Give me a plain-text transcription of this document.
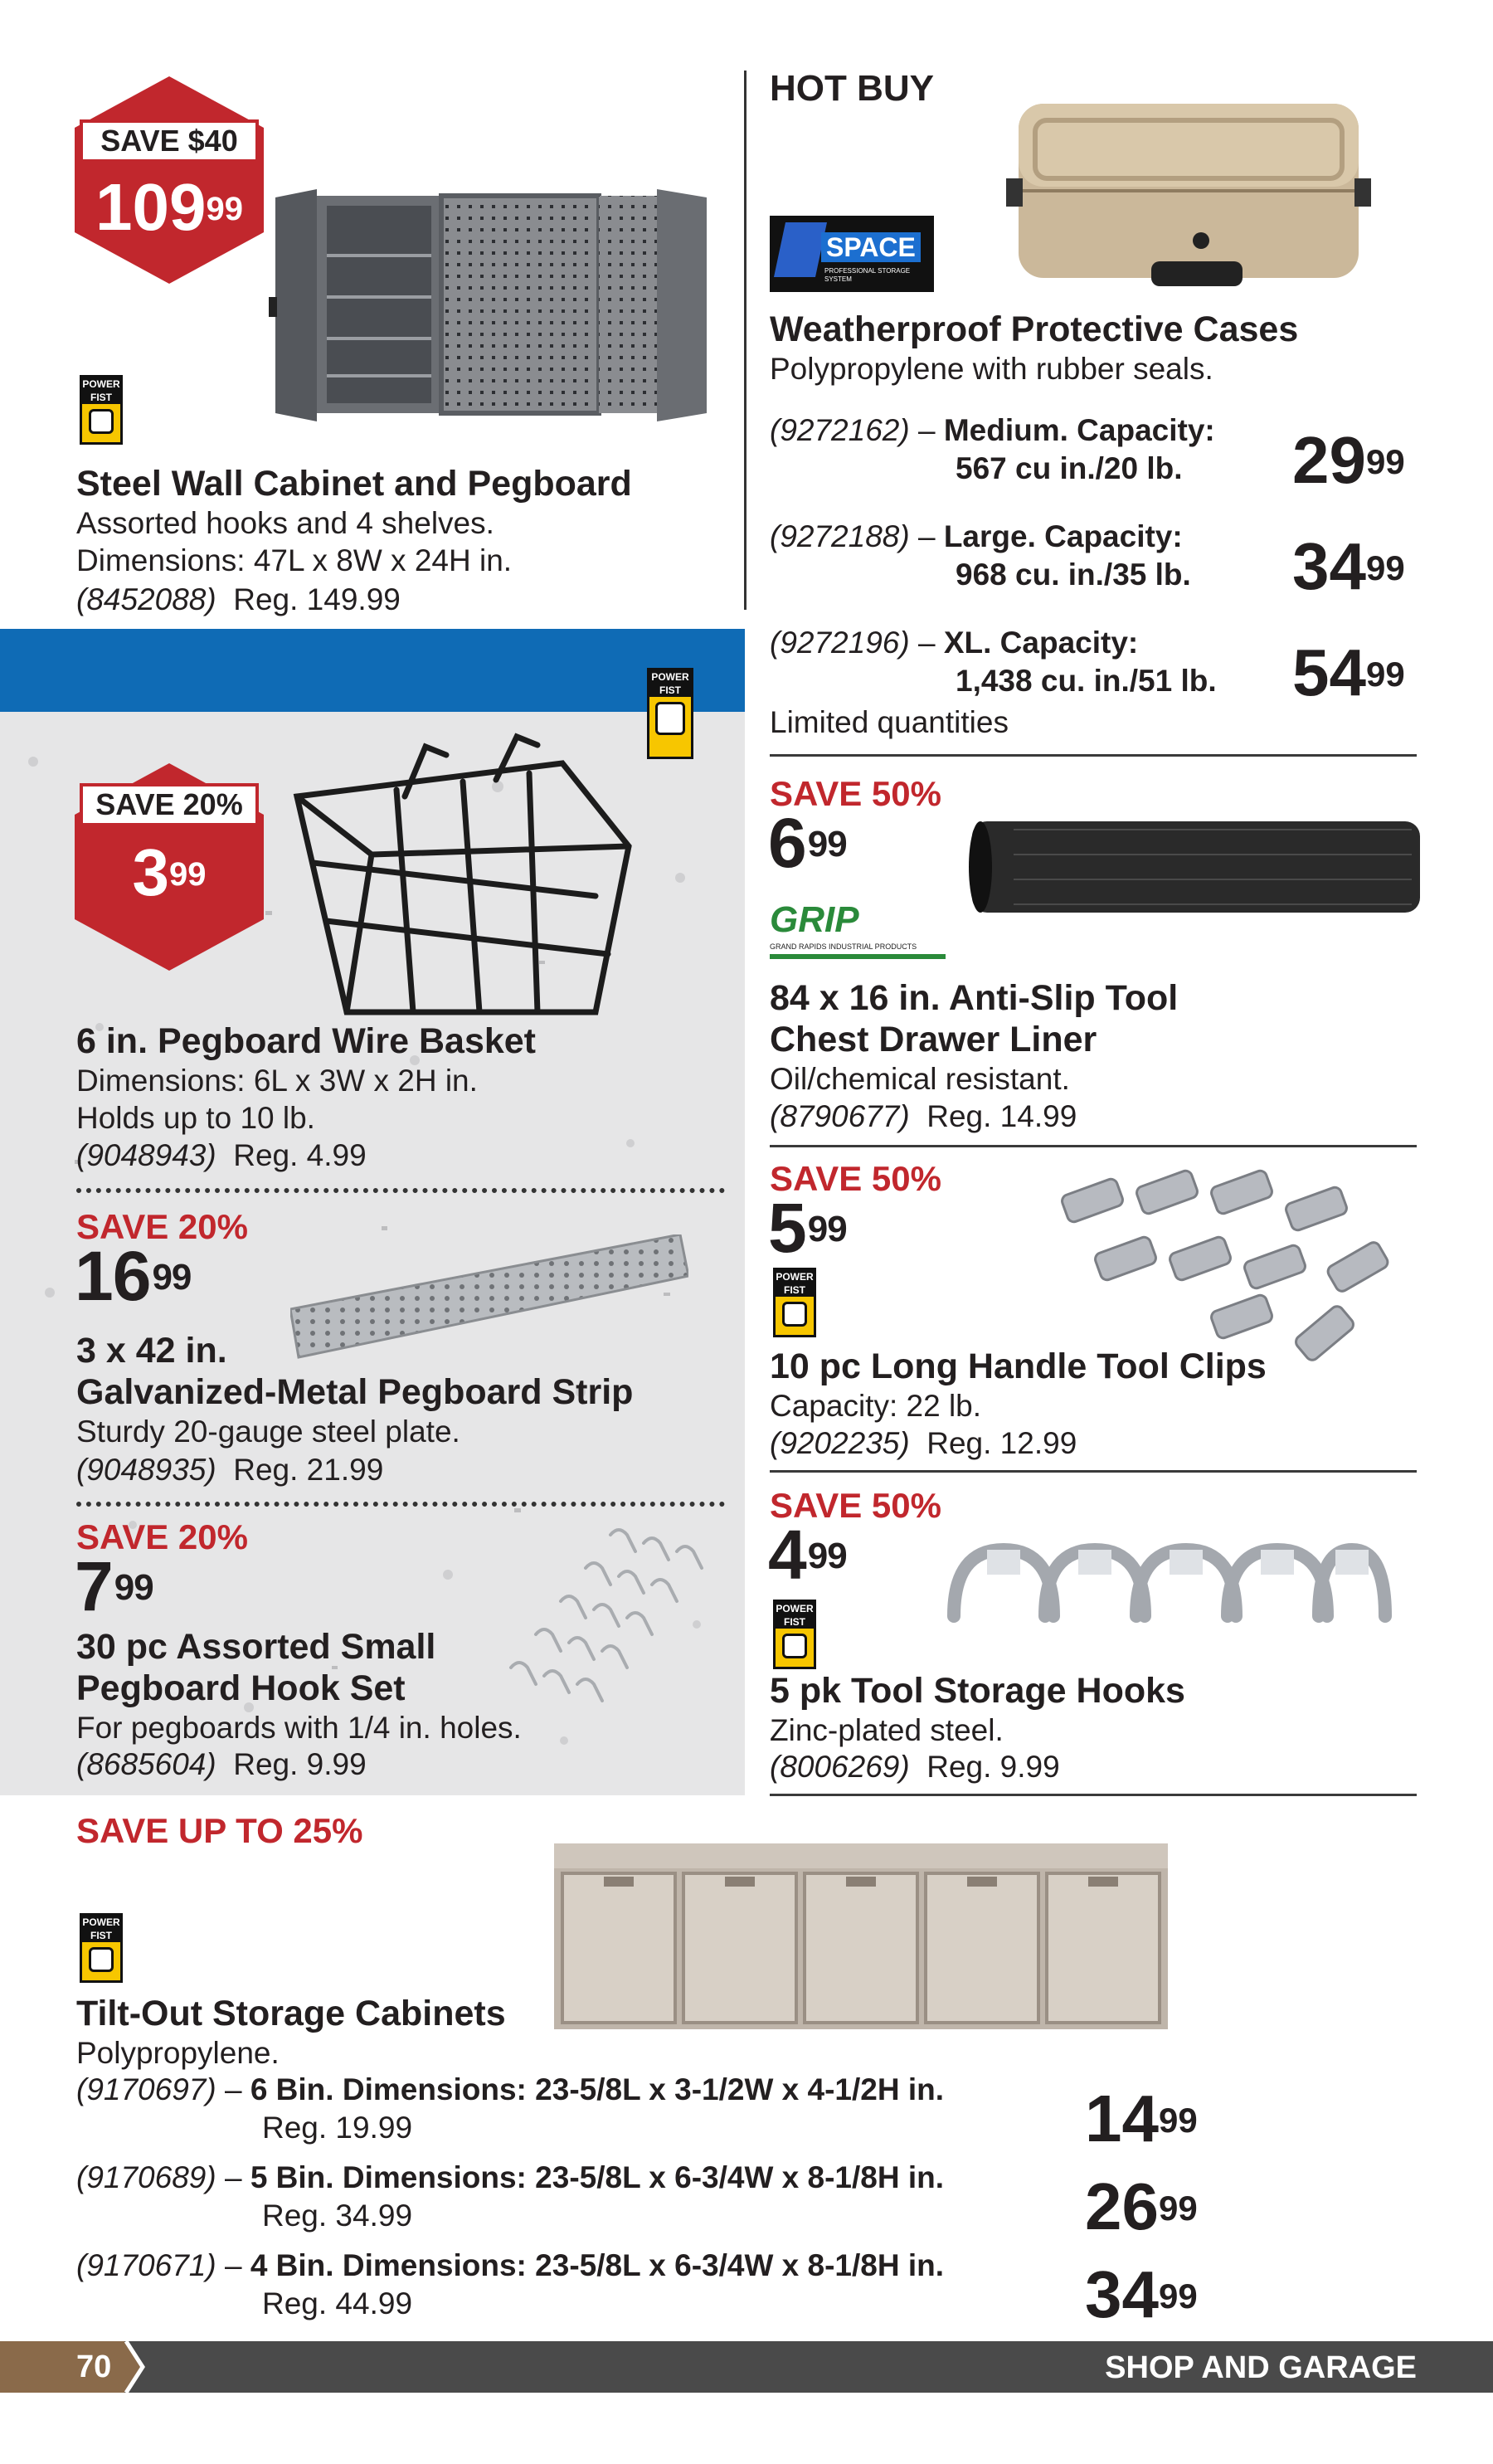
SAVE $40
$109^{99}$
POWER
FIST
Steel Wall Cabinet and Pegboard
Assorted hooks and 4 shelves.
Dimensions: 47L x 8W x 24H in.
(8452088) Reg. 149.99
HOT BUY
SPACE
PROFESSIONAL STORAGE SYSTEM
Weatherproof Protective Cases
Polypropylene with rubber seals.
(9272162) – Medium. Capacity:
567 cu in./20 lb.	$29^{99}$
(9272188) – Large. Capacity:
968 cu. in./35 lb.	$34^{99}$
(9272196) – XL. Capacity:
1,438 cu. in./51 lb.	$54^{99}$
Limited quantities
POWER
FIST
SAVE 20%
$3^{99}$
6 in. Pegboard Wire Basket
Dimensions: 6L x 3W x 2H in.
Holds up to 10 lb.
(9048943) Reg. 4.99
SAVE 20%
$16^{99}$
3 x 42 in.
Galvanized-Metal Pegboard Strip
Sturdy 20-gauge steel plate.
(9048935) Reg. 21.99
SAVE 20%
$7^{99}$
30 pc Assorted Small
Pegboard Hook Set
For pegboards with 1/4 in. holes.
(8685604) Reg. 9.99
SAVE 50%
$6^{99}$
GRIP
GRAND RAPIDS INDUSTRIAL PRODUCTS
84 x 16 in. Anti-Slip Tool
Chest Drawer Liner
Oil/chemical resistant.
(8790677) Reg. 14.99
SAVE 50%
$5^{99}$
POWER
FIST
10 pc Long Handle Tool Clips
Capacity: 22 lb.
(9202235) Reg. 12.99
SAVE 50%
$4^{99}$
POWER
FIST
5 pk Tool Storage Hooks
Zinc-plated steel.
(8006269) Reg. 9.99
SAVE UP TO 25%
POWER
FIST
Tilt-Out Storage Cabinets
Polypropylene.
(9170697) – 6 Bin. Dimensions: 23-5/8L x 3-1/2W x 4-1/2H in.
Reg. 19.99	$14^{99}$
(9170689) – 5 Bin. Dimensions: 23-5/8L x 6-3/4W x 8-1/8H in.
Reg. 34.99	$26^{99}$
(9170671) – 4 Bin. Dimensions: 23-5/8L x 6-3/4W x 8-1/8H in.
Reg. 44.99	$34^{99}$
70	SHOP AND GARAGE
